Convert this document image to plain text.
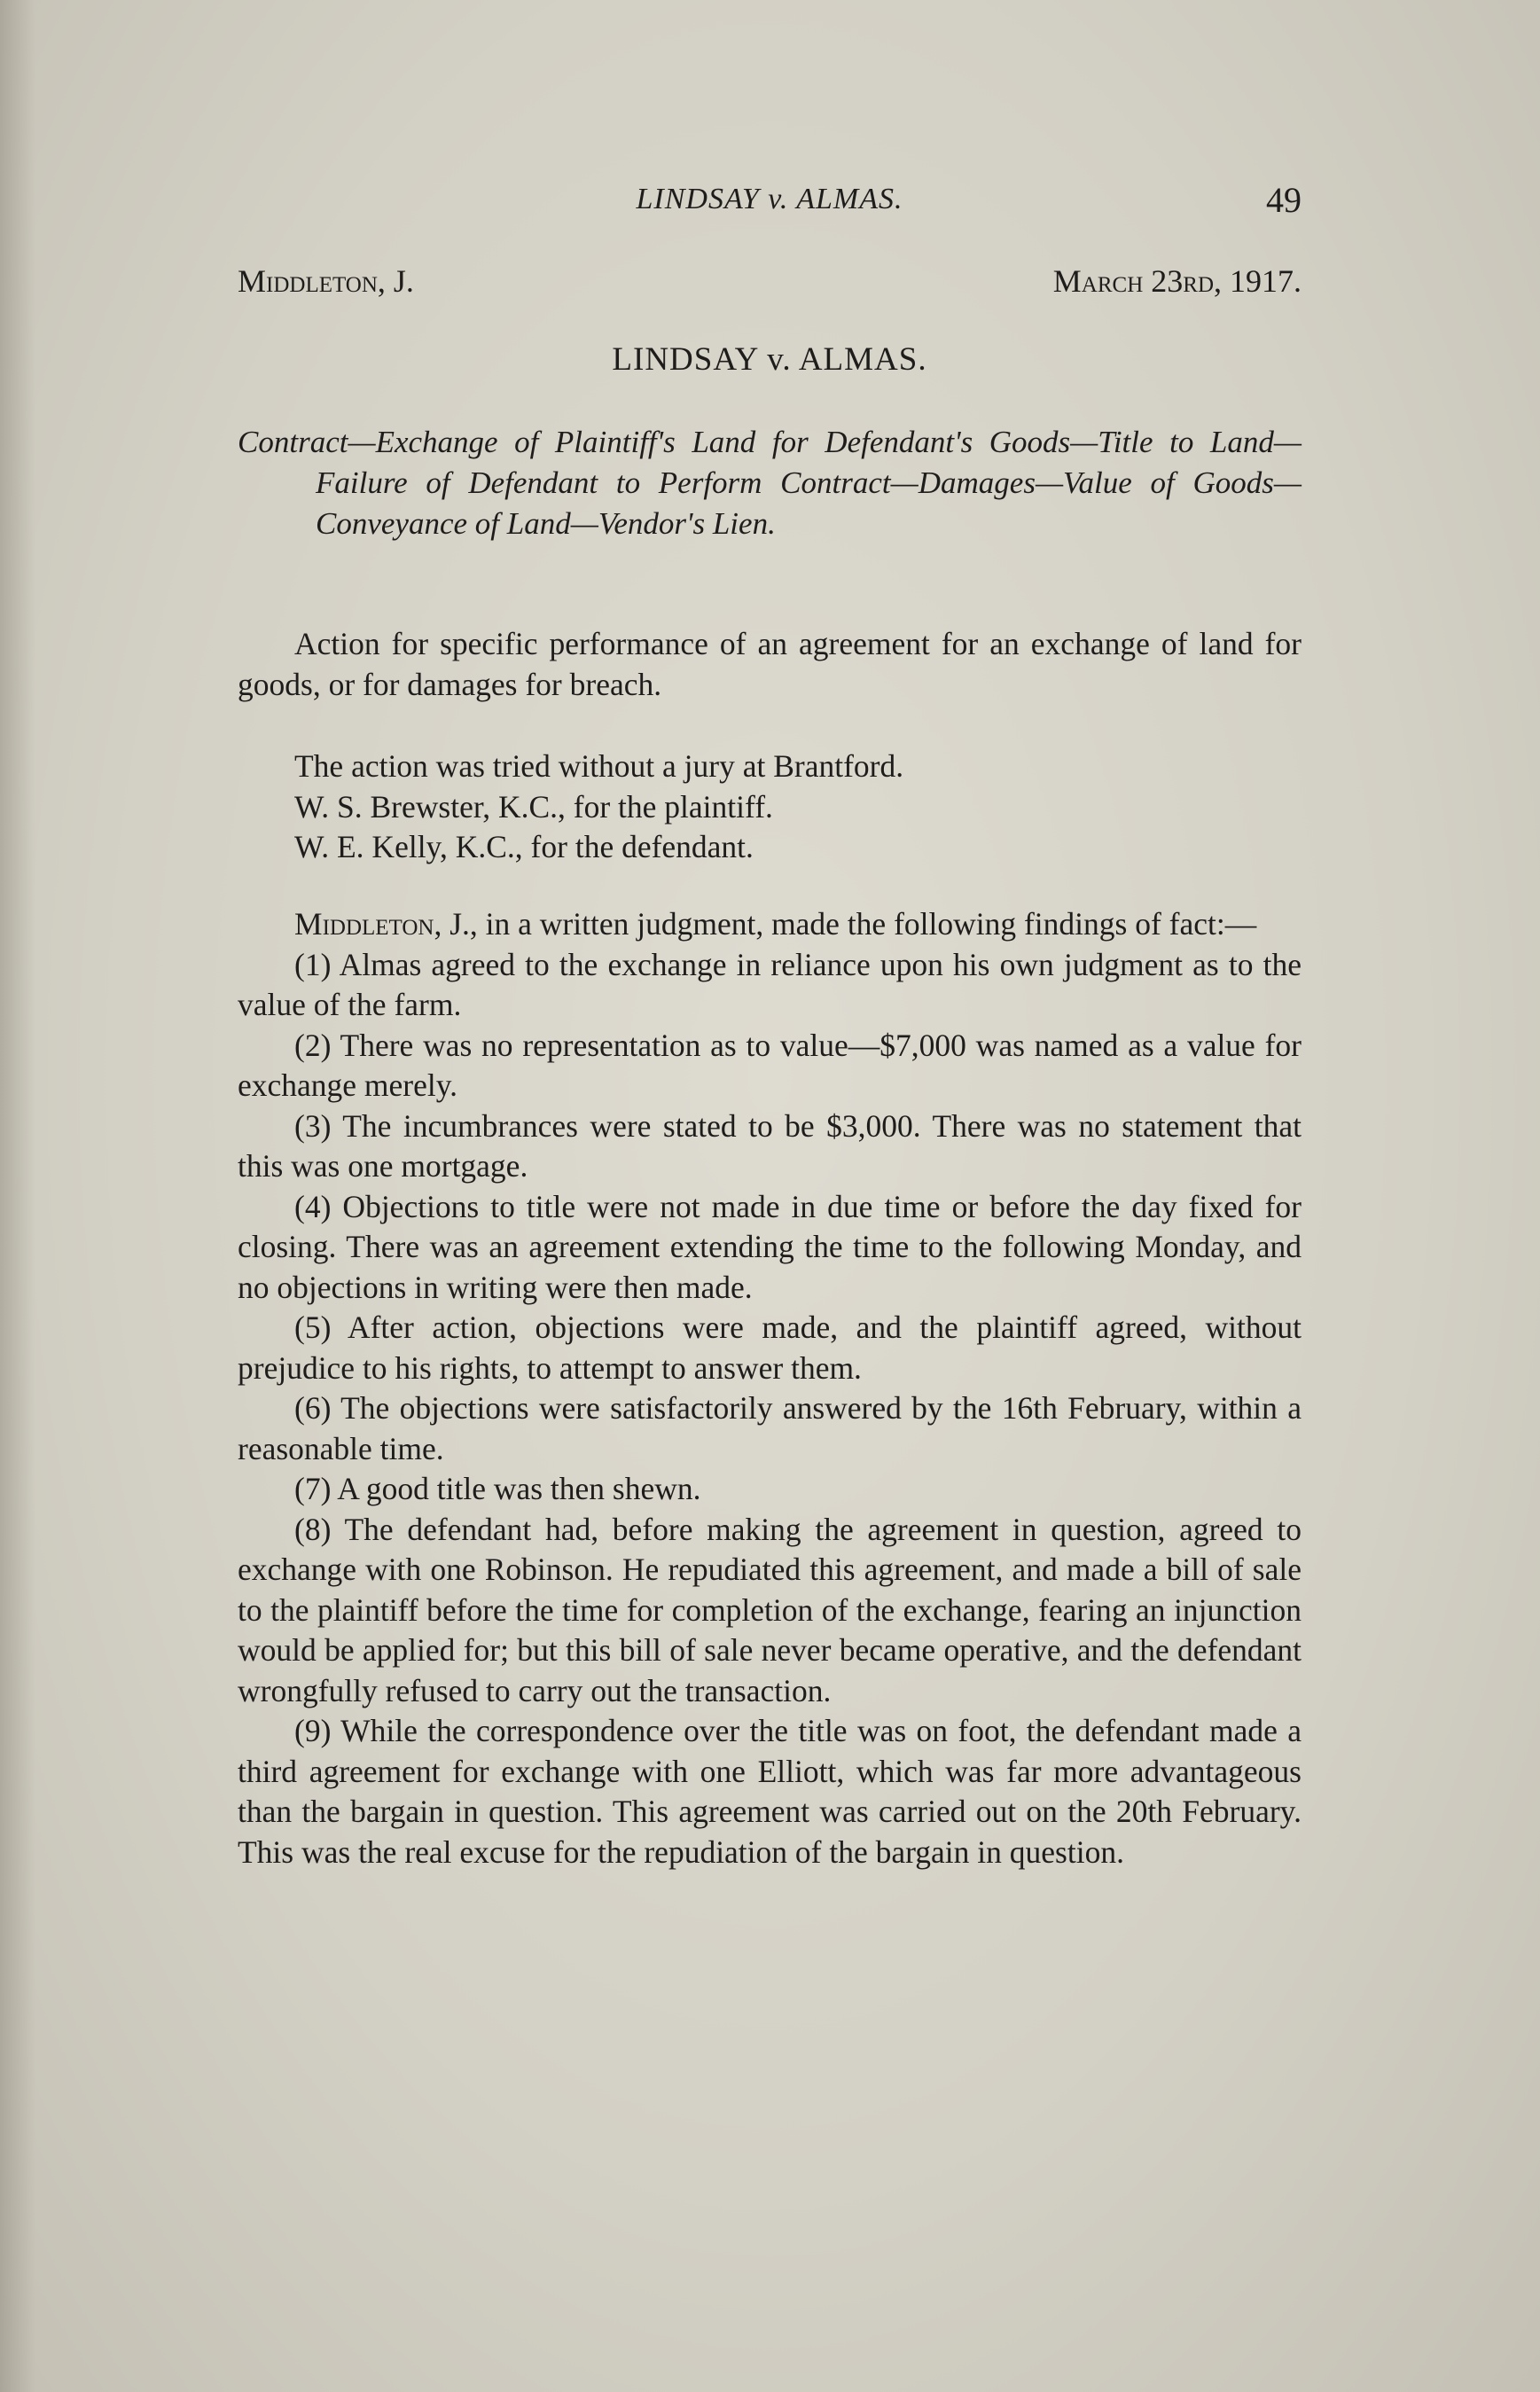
LINDSAY v. ALMAS.	49
Middleton, J.	March 23rd, 1917.
LINDSAY v. ALMAS.
Contract—Exchange of Plaintiff's Land for Defendant's Goods—Title to Land—Failure of Defendant to Perform Contract—Damages—Value of Goods—Conveyance of Land—Vendor's Lien.

Action for specific performance of an agreement for an exchange of land for goods, or for damages for breach.

The action was tried without a jury at Brantford.

W. S. Brewster, K.C., for the plaintiff.

W. E. Kelly, K.C., for the defendant.

Middleton, J., in a written judgment, made the following findings of fact:—

(1) Almas agreed to the exchange in reliance upon his own judgment as to the value of the farm.

(2) There was no representation as to value—$7,000 was named as a value for exchange merely.

(3) The incumbrances were stated to be $3,000. There was no statement that this was one mortgage.

(4) Objections to title were not made in due time or before the day fixed for closing. There was an agreement extending the time to the following Monday, and no objections in writing were then made.

(5) After action, objections were made, and the plaintiff agreed, without prejudice to his rights, to attempt to answer them.

(6) The objections were satisfactorily answered by the 16th February, within a reasonable time.

(7) A good title was then shewn.

(8) The defendant had, before making the agreement in question, agreed to exchange with one Robinson. He repudiated this agreement, and made a bill of sale to the plaintiff before the time for completion of the exchange, fearing an injunction would be applied for; but this bill of sale never became operative, and the defendant wrongfully refused to carry out the transaction.

(9) While the correspondence over the title was on foot, the defendant made a third agreement for exchange with one Elliott, which was far more advantageous than the bargain in question. This agreement was carried out on the 20th February. This was the real excuse for the repudiation of the bargain in question.
